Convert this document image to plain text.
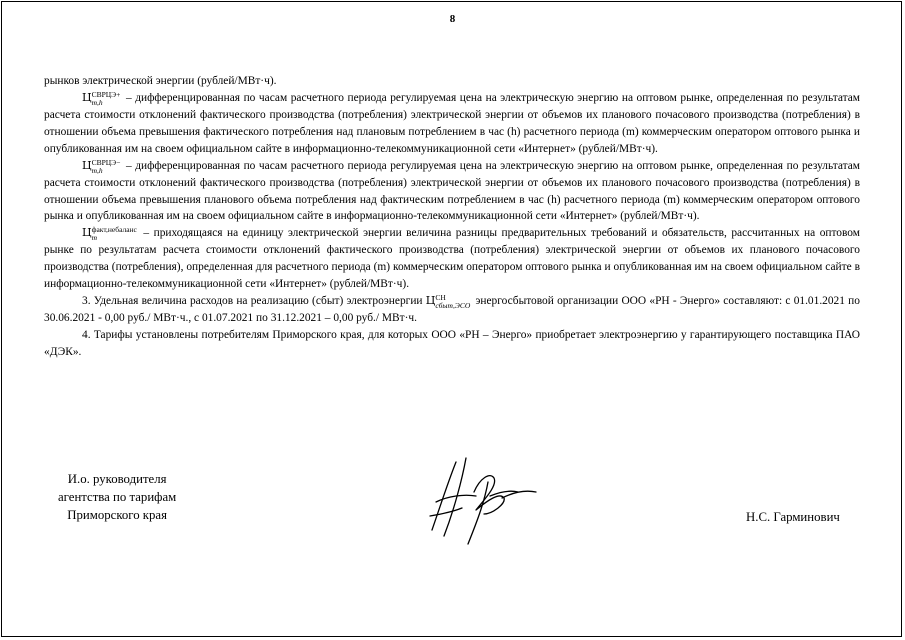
8

рынков электрической энергии (рублей/МВт·ч).

Ц СВРЦЭ+
m,h	– дифференцированная по часам расчетного периода регулируемая цена на электрическую энергию на оптовом рынке, определенная по результатам расчета стоимости отклонений фактического производства (потребления) электрической энергии от объемов их планового почасового производства (потребления) в отношении объема превышения фактического потребления над плановым потреблением в час (h) расчетного периода (m) коммерческим оператором оптового рынка и опубликованная им на своем официальном сайте в информационно-телекоммуникационной сети «Интернет» (рублей/МВт·ч).

Ц СВРЦЭ−
m,h	– дифференцированная по часам расчетного периода регулируемая цена на электрическую энергию на оптовом рынке, определенная по результатам расчета стоимости отклонений фактического производства (потребления) электрической энергии от объемов их планового почасового производства (потребления) в отношении объема превышения планового объема потребления над фактическим потреблением в час (h) расчетного периода (m) коммерческим оператором оптового рынка и опубликованная им на своем официальном сайте в информационно-телекоммуникационной сети «Интернет» (рублей/МВт·ч).

Ц факт,небаланс
m	– приходящаяся на единицу электрической энергии величина разницы предварительных требований и обязательств, рассчитанных на оптовом рынке по результатам расчета стоимости отклонений фактического производства (потребления) электрической энергии от объемов их планового почасового производства (потребления), определенная для расчетного периода (m) коммерческим оператором оптового рынка и опубликованная им на своем официальном сайте в информационно-телекоммуникационной сети «Интернет» (рублей/МВт·ч).

3. Удельная величина расходов на реализацию (сбыт) электроэнергии Ц СН
сбыт,ЭСО энергосбытовой организации ООО «РН - Энерго» составляют: с 01.01.2021 по 30.06.2021 - 0,00 руб./ МВт·ч., с 01.07.2021 по 31.12.2021 – 0,00 руб./ МВт·ч.

4. Тарифы установлены потребителям Приморского края, для которых ООО «РН – Энерго» приобретает электроэнергию у гарантирующего поставщика ПАО «ДЭК».

И.о. руководителя
агентства по тарифам
Приморского края	Н.С. Гарминович
